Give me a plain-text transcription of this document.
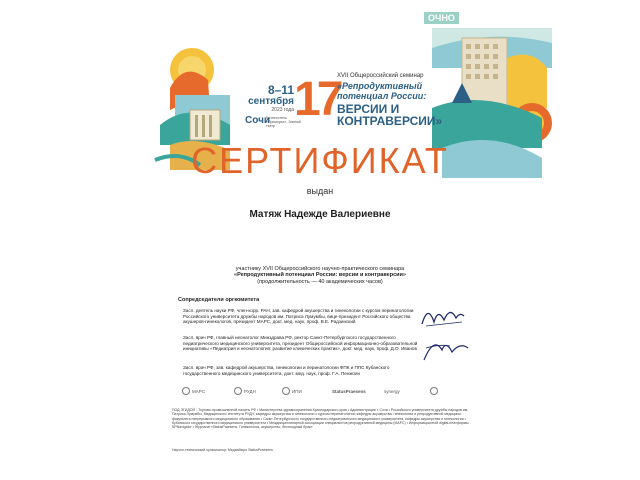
ОЧНО
8–11
сентября
2023 года
Сочи
Бизнесотель «Приморье», Зимний театр 17
XVII Общероссийский семинар
«Репродуктивный потенциал России:
ВЕРСИИ И КОНТРАВЕРСИИ»
СЕРТИФИКАТ
выдан
Матяж Надежде Валериевне
участнику XVII Общероссийского научно-практического семинара
«Репродуктивный потенциал России: версии и контраверсии»
(продолжительность — 40 академических часов)
Сопредседатели оргкомитета
Засл. деятель науки РФ, член-корр. РАН, зав. кафедрой акушерства и гинекологии с курсом перинатологии Российского университета дружбы народов им. Патриса Лумумбы, вице-президент Российского общества акушеров-гинекологов, президент МАРС, докт. мед. наук, проф. В.Е. Радзинский
Засл. врач РФ, главный неонатолог Минздрава РФ, ректор Санкт-Петербургского государственного педиатрического медицинского университета, президент Общероссийской информационно-образовательной инициативы «Педиатрия и неонатология: развитие клинических практик», докт. мед. наук, проф. Д.О. Иванов
Засл. врач РФ, зав. кафедрой акушерства, гинекологии и перинатологии ФПК и ППС Кубанского государственного медицинского университета, докт. мед. наук, проф. Г.А. Пенжоян
МАРС	РУДН	ИПИ	StatusPraesens	synergy
ПОД ЭГИДОЙ · Торгово-промышленной палаты РФ • Министерства здравоохранения Краснодарского края • Администрации г. Сочи • Российского университета дружбы народов им. Патриса Лумумбы, Медицинского института РУДН, кафедры акушерства и гинекологии с курсом перинатологии; кафедры акушерства, гинекологии и репродуктивной медицины факультета непрерывного медицинского образования • Санкт-Петербургского государственного педиатрического медицинского университета, кафедры акушерства и гинекологии • Кубанского государственного медицинского университета • Междисциплинарной ассоциации специалистов репродуктивной медицины (МАРС) • Информационной digital-платформы SPNavigator • Журнала «StatusPraesens. Гинекология, акушерство, бесплодный брак»
Научно-технический организатор: Медиабюро StatusPraesens
